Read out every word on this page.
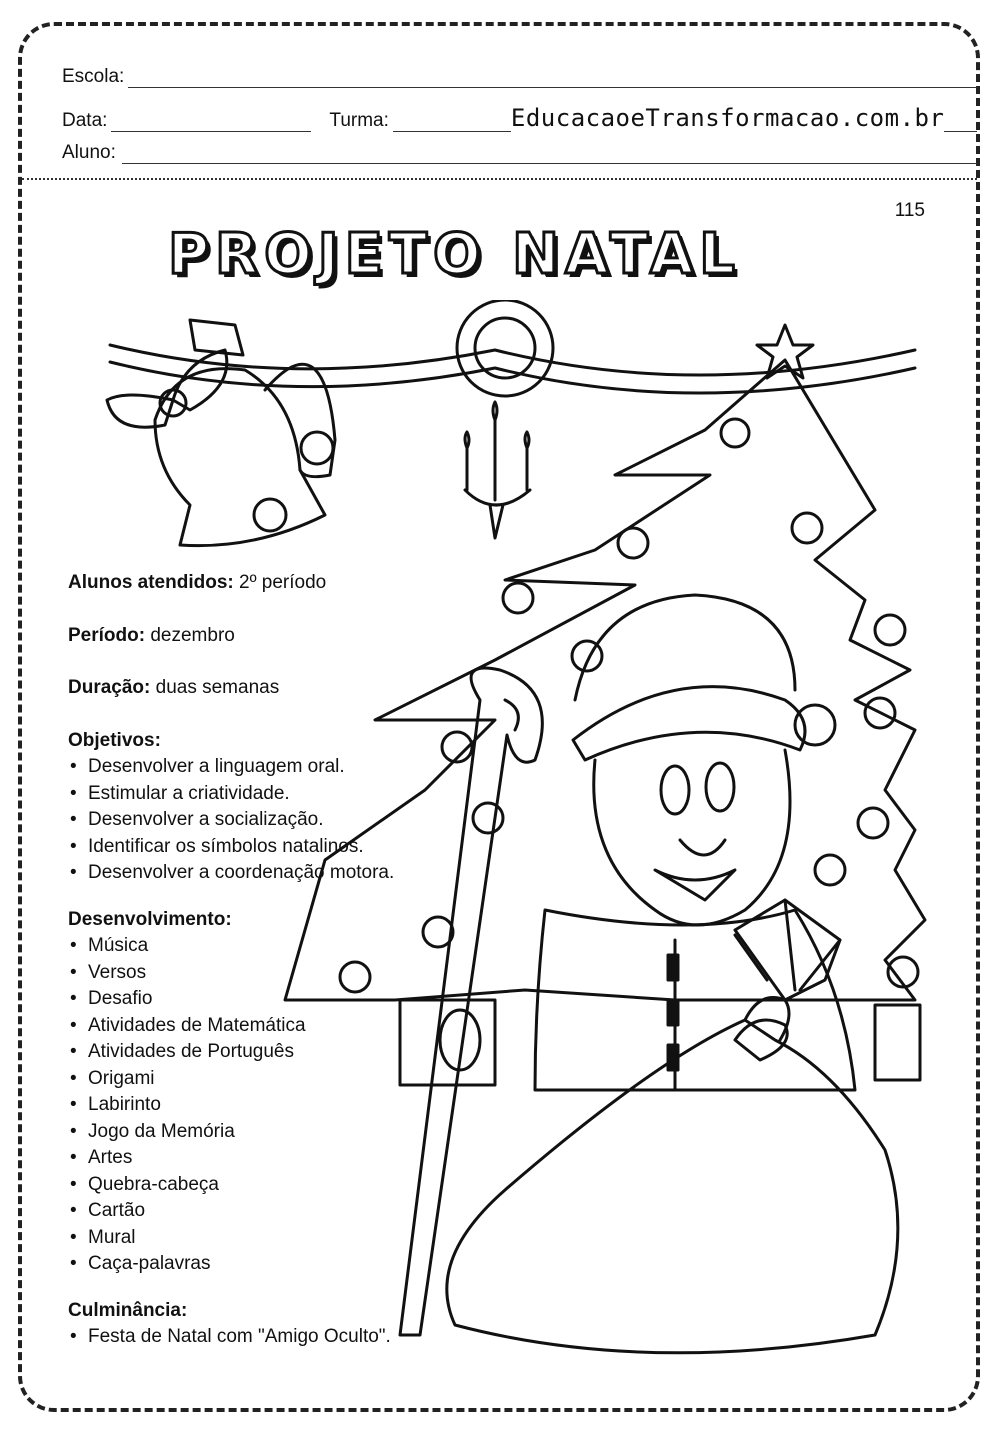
Escola:
Data:	Turma:	EducacaoeTransformacao.com.br
Aluno:
115
PROJETO NATAL

Alunos atendidos: 2º período

Período: dezembro

Duração: duas semanas

Objetivos:

• Desenvolver a linguagem oral.
• Estimular a criatividade.
• Desenvolver a socialização.
• Identificar os símbolos natalinos.
• Desenvolver a coordenação motora.

Desenvolvimento:

• Música
• Versos
• Desafio
• Atividades de Matemática
• Atividades de Português
• Origami
• Labirinto
• Jogo da Memória
• Artes
• Quebra-cabeça
• Cartão
• Mural
• Caça-palavras

Culminância:

• Festa de Natal com "Amigo Oculto".
